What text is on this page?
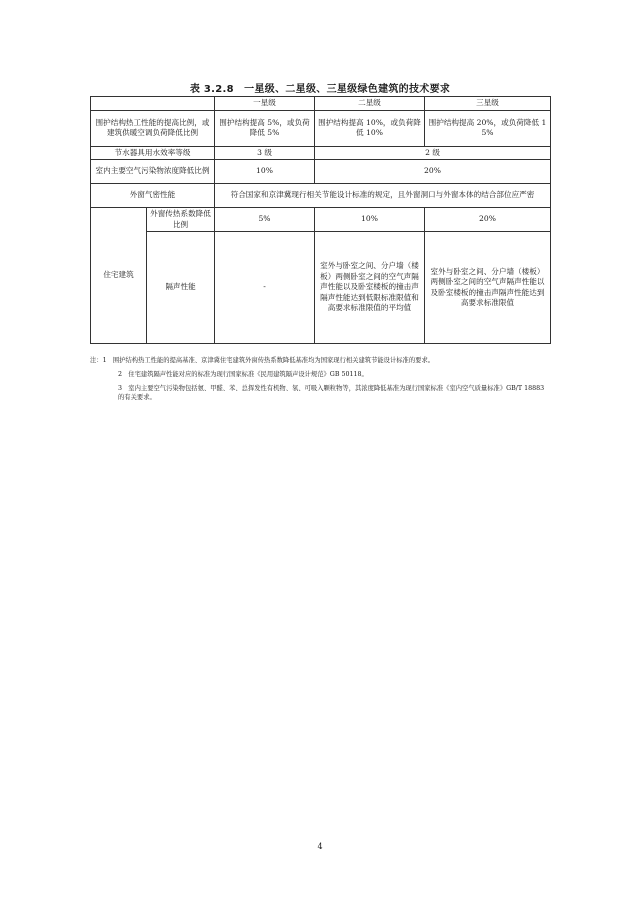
表 3.2.8　一星级、二星级、三星级绿色建筑的技术要求
		一星级	二星级	三星级
围护结构热工性能的提高比例，或建筑供暖空调负荷降低比例		围护结构提高 5%，或负荷降低 5%	围护结构提高 10%，或负荷降低 10%	围护结构提高 20%，或负荷降低 15%
节水器具用水效率等级		3 级	2 级	
室内主要空气污染物浓度降低比例		10%	20%	
外窗气密性能		符合国家和京津冀现行相关节能设计标准的规定，且外窗洞口与外窗本体的结合部位应严密		
住宅建筑	外窗传热系数降低比例	5%	10%	20%
	隔声性能	-	室外与卧室之间、分户墙（楼板）两侧卧室之间的空气声隔声性能以及卧室楼板的撞击声隔声性能达到低限标准限值和高要求标准限值的平均值	室外与卧室之间、分户墙（楼板）两侧卧室之间的空气声隔声性能以及卧室楼板的撞击声隔声性能达到高要求标准限值

注：1　围护结构热工性能的提高基准、京津冀住宅建筑外窗传热系数降低基准均为国家现行相关建筑节能设计标准的要求。

2　住宅建筑隔声性能对应的标准为现行国家标准《民用建筑隔声设计规范》GB 50118。

3　室内主要空气污染物包括氨、甲醛、苯、总挥发性有机物、氡、可吸入颗粒物等，其浓度降低基准为现行国家标准《室内空气质量标准》GB/T 18883 的有关要求。

4
